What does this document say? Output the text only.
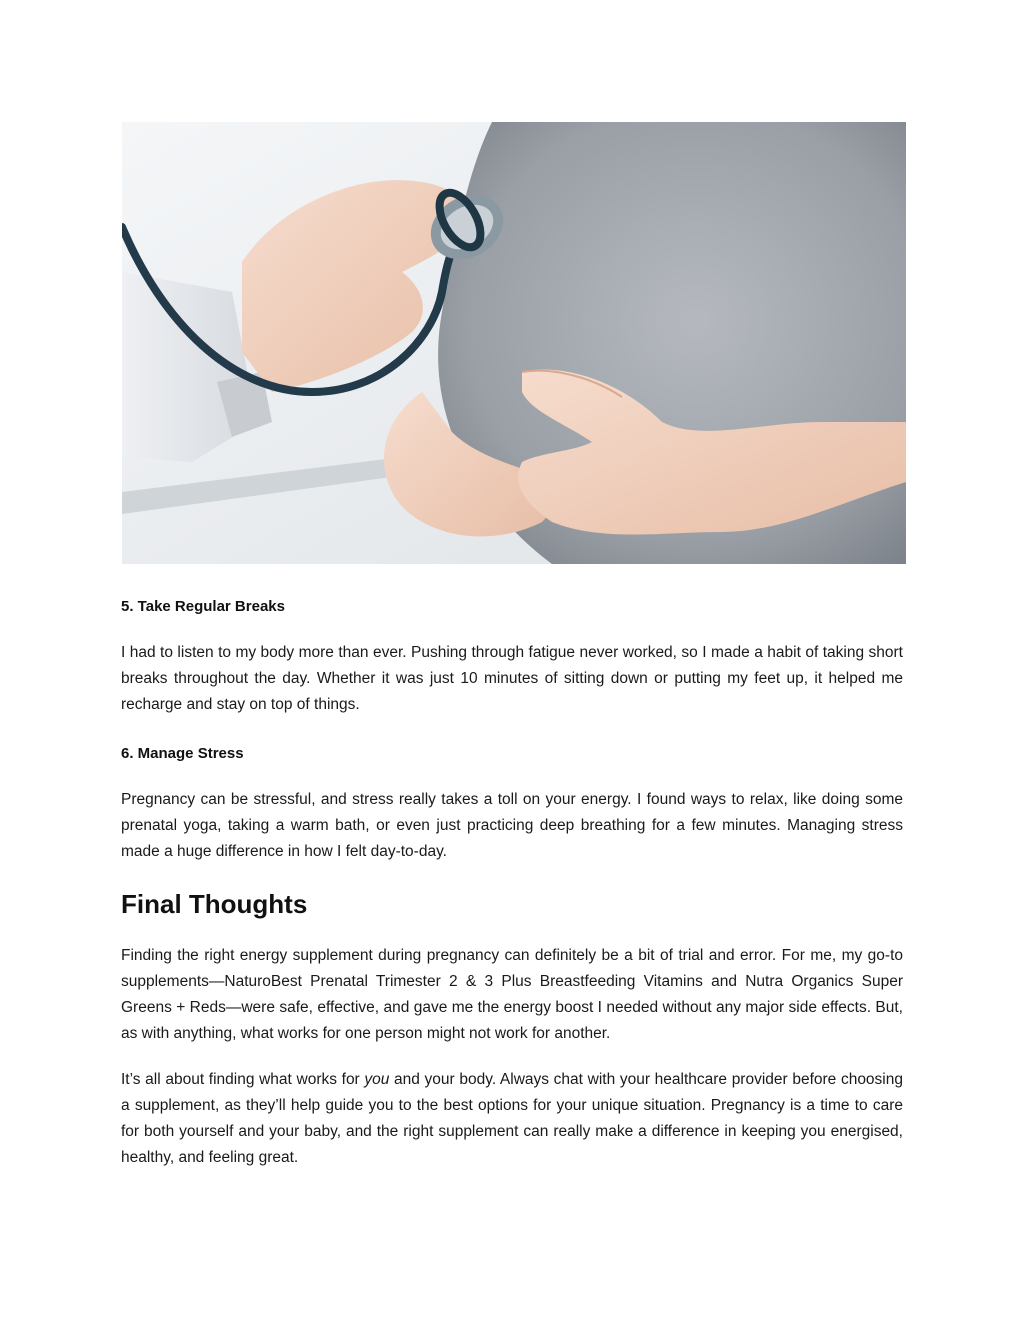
5. Take Regular Breaks

I had to listen to my body more than ever. Pushing through fatigue never worked, so I made a habit of taking short breaks throughout the day. Whether it was just 10 minutes of sitting down or putting my feet up, it helped me recharge and stay on top of things.

6. Manage Stress

Pregnancy can be stressful, and stress really takes a toll on your energy. I found ways to relax, like doing some prenatal yoga, taking a warm bath, or even just practicing deep breathing for a few minutes. Managing stress made a huge difference in how I felt day-to-day.

Final Thoughts

Finding the right energy supplement during pregnancy can definitely be a bit of trial and error. For me, my go-to supplements—NaturoBest Prenatal Trimester 2 & 3 Plus Breastfeeding Vitamins and Nutra Organics Super Greens + Reds—were safe, effective, and gave me the energy boost I needed without any major side effects. But, as with anything, what works for one person might not work for another.

It’s all about finding what works for you and your body. Always chat with your healthcare provider before choosing a supplement, as they’ll help guide you to the best options for your unique situation. Pregnancy is a time to care for both yourself and your baby, and the right supplement can really make a difference in keeping you energised, healthy, and feeling great.
